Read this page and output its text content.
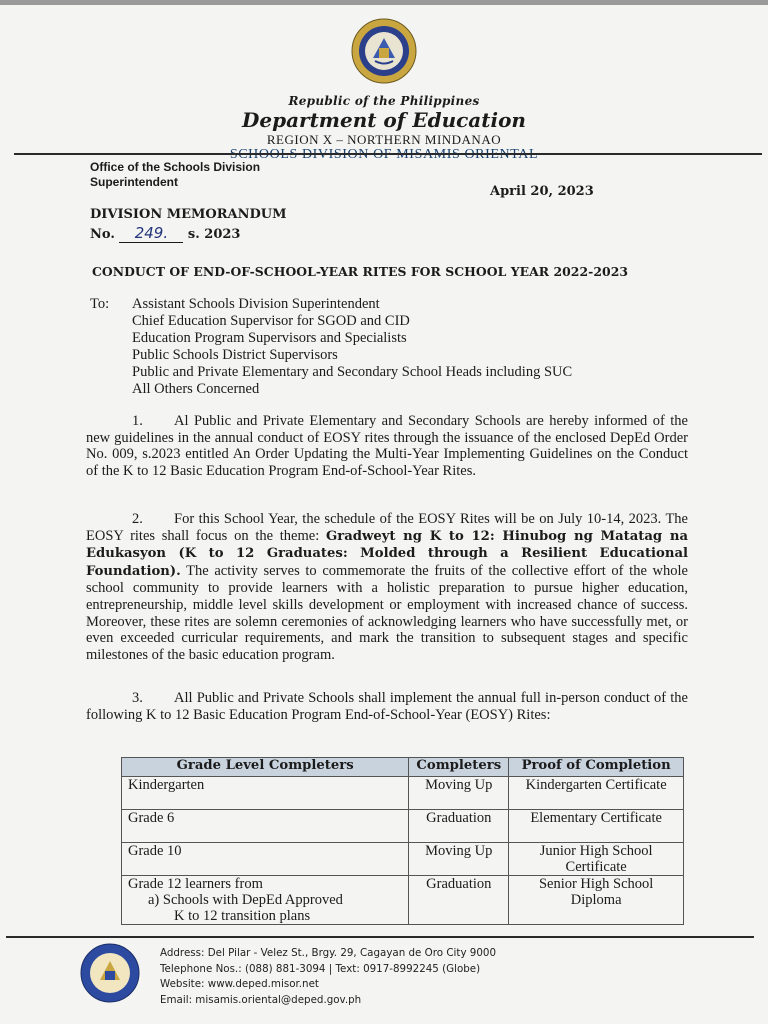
Republic of the Philippines
Department of Education
REGION X – NORTHERN MINDANAO
Office of the Schools Division Superintendent
April 20, 2023
DIVISION MEMORANDUM
No. 249. s. 2023
CONDUCT OF END-OF-SCHOOL-YEAR RITES FOR SCHOOL YEAR 2022-2023
To: Assistant Schools Division Superintendent
Chief Education Supervisor for SGOD and CID
Education Program Supervisors and Specialists
Public Schools District Supervisors
Public and Private Elementary and Secondary School Heads including SUC
All Others Concerned
1. Al Public and Private Elementary and Secondary Schools are hereby informed of the new guidelines in the annual conduct of EOSY rites through the issuance of the enclosed DepEd Order No. 009, s.2023 entitled An Order Updating the Multi-Year Implementing Guidelines on the Conduct of the K to 12 Basic Education Program End-of-School-Year Rites.
2. For this School Year, the schedule of the EOSY Rites will be on July 10-14, 2023. The EOSY rites shall focus on the theme: Gradweyt ng K to 12: Hinubog ng Matatag na Edukasyon (K to 12 Graduates: Molded through a Resilient Educational Foundation). The activity serves to commemorate the fruits of the collective effort of the whole school community to provide learners with a holistic preparation to pursue higher education, entrepreneurship, middle level skills development or employment with increased chance of success. Moreover, these rites are solemn ceremonies of acknowledging learners who have successfully met, or even exceeded curricular requirements, and mark the transition to subsequent stages and specific milestones of the basic education program.
3. All Public and Private Schools shall implement the annual full in-person conduct of the following K to 12 Basic Education Program End-of-School-Year (EOSY) Rites:
Grade Level Completers	Completers	Proof of Completion
Kindergarten	Moving Up	Kindergarten Certificate
Grade 6	Graduation	Elementary Certificate
Grade 10	Moving Up	Junior High School Certificate

Grade 12 learners from
a) Schools with DepEd Approved
K to 12 transition plans	Graduation	Senior High School Diploma
Address: Del Pilar - Velez St., Brgy. 29, Cagayan de Oro City 9000
Telephone Nos.: (088) 881-3094 | Text: 0917-8992245 (Globe)
Website: www.deped.misor.net
Email: misamis.oriental@deped.gov.ph
